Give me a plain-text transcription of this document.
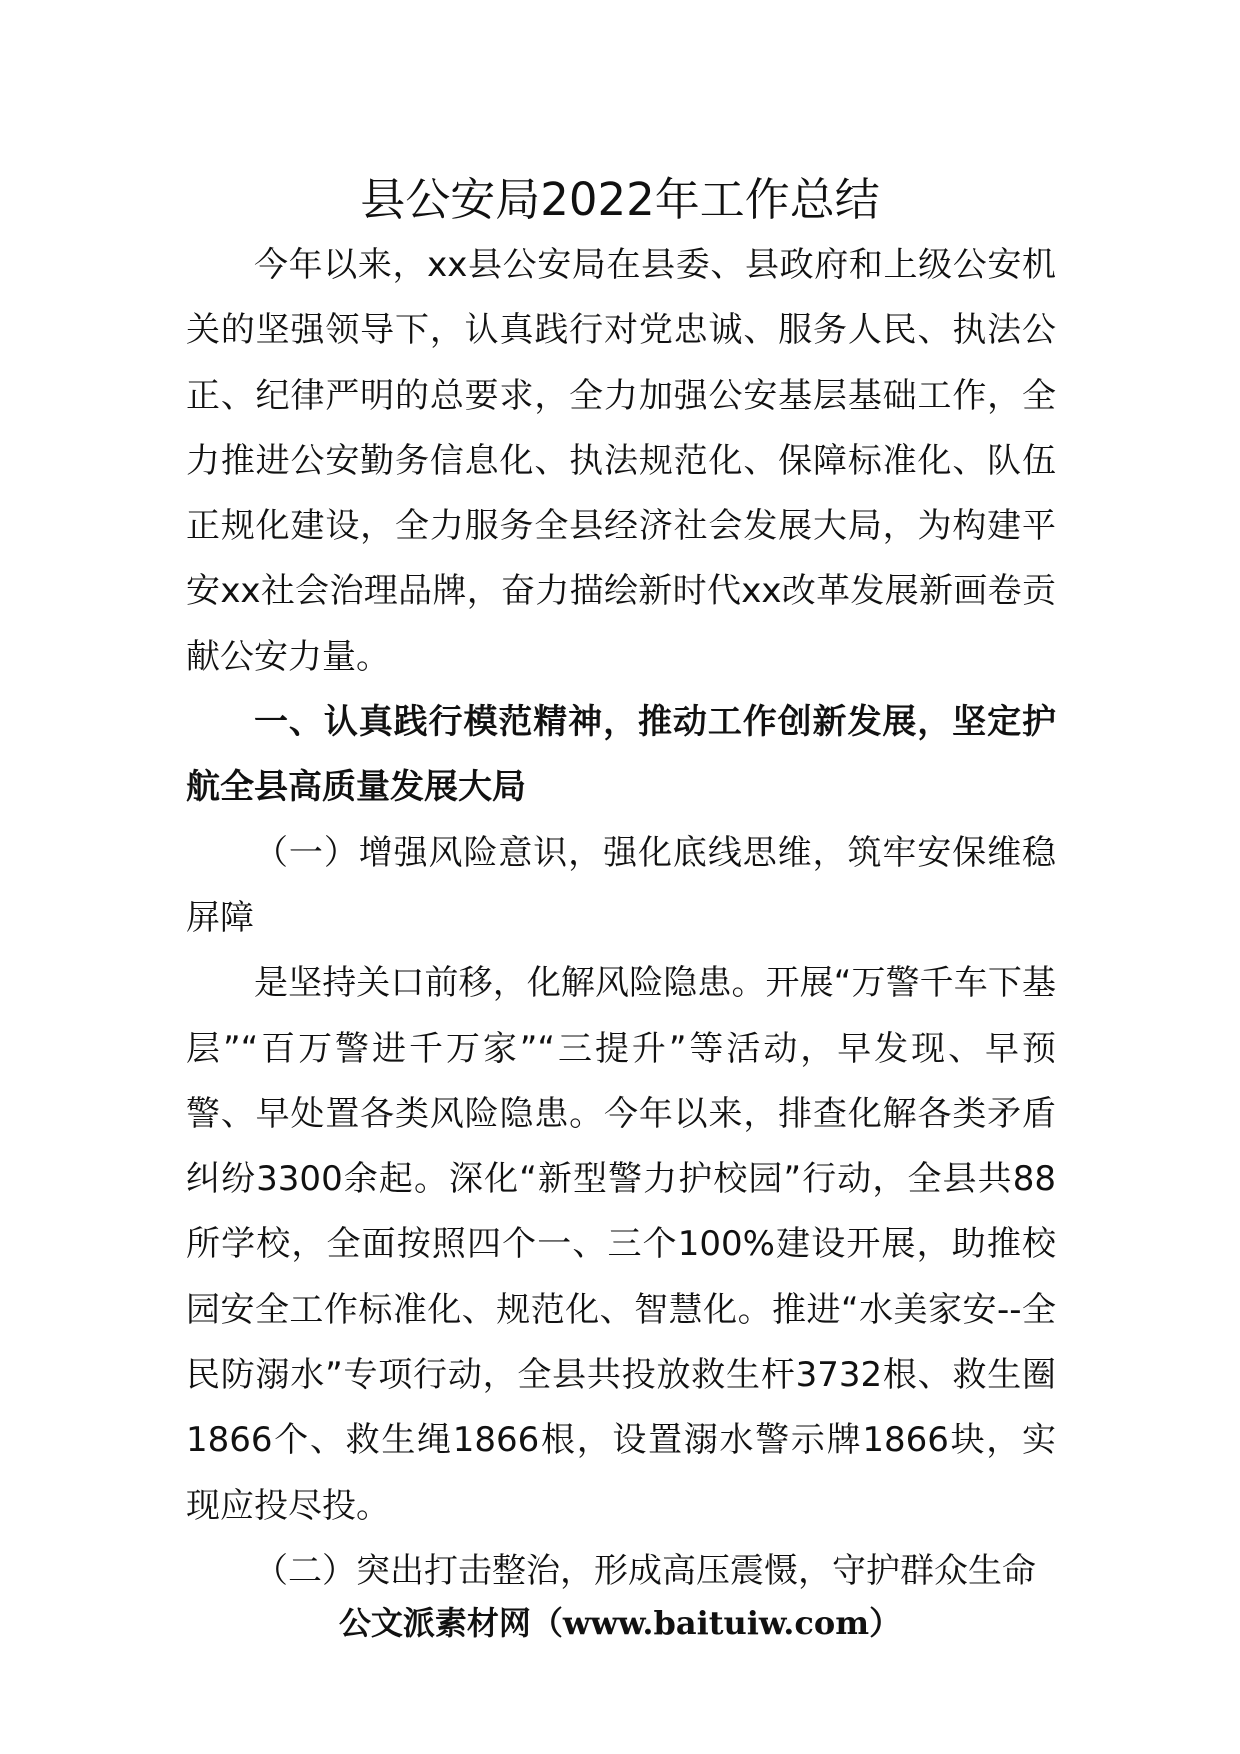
县公安局2022年工作总结

今年以来，xx县公安局在县委、县政府和上级公安机关的坚强领导下，认真践行对党忠诚、服务人民、执法公正、纪律严明的总要求，全力加强公安基层基础工作，全力推进公安勤务信息化、执法规范化、保障标准化、队伍正规化建设，全力服务全县经济社会发展大局，为构建平安xx社会治理品牌，奋力描绘新时代xx改革发展新画卷贡献公安力量。

一、认真践行模范精神，推动工作创新发展，坚定护航全县高质量发展大局

（一）增强风险意识，强化底线思维，筑牢安保维稳屏障

是坚持关口前移，化解风险隐患。开展“万警千车下基层”“百万警进千万家”“三提升”等活动，早发现、早预警、早处置各类风险隐患。今年以来，排查化解各类矛盾纠纷3300余起。深化“新型警力护校园”行动，全县共88所学校，全面按照四个一、三个100%建设开展，助推校园安全工作标准化、规范化、智慧化。推进“水美家安--全民防溺水”专项行动，全县共投放救生杆3732根、救生圈1866个、救生绳1866根，设置溺水警示牌1866块，实现应投尽投。

（二）突出打击整治，形成高压震慑，守护群众生命

公文派素材网（www.baituiw.com）
